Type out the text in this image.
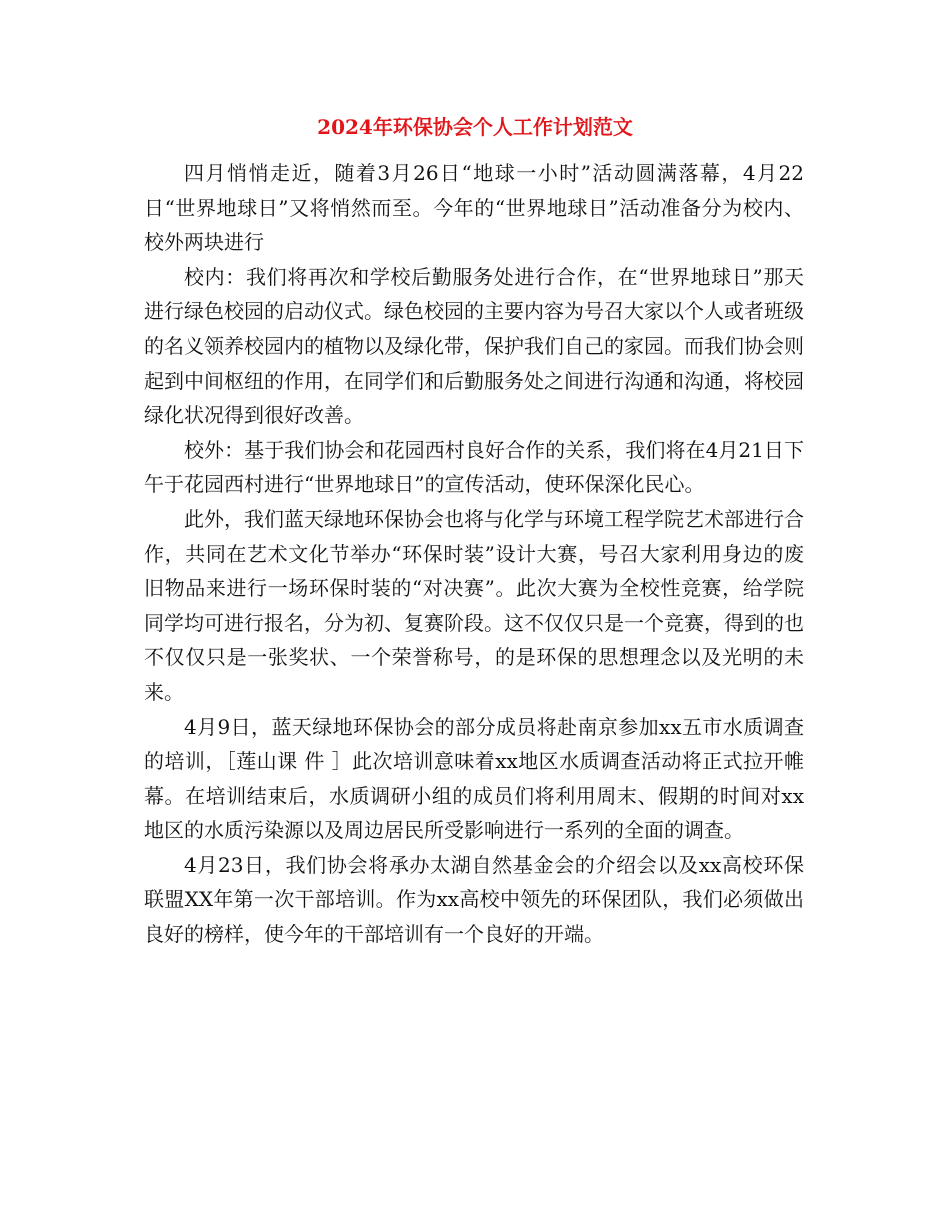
2024年环保协会个人工作计划范文

四月悄悄走近，随着3月26日“地球一小时”活动圆满落幕，4月22日“世界地球日”又将悄然而至。今年的“世界地球日”活动准备分为校内、校外两块进行

校内：我们将再次和学校后勤服务处进行合作，在“世界地球日”那天进行绿色校园的启动仪式。绿色校园的主要内容为号召大家以个人或者班级的名义领养校园内的植物以及绿化带，保护我们自己的家园。而我们协会则起到中间枢纽的作用，在同学们和后勤服务处之间进行沟通和沟通，将校园绿化状况得到很好改善。

校外：基于我们协会和花园西村良好合作的关系，我们将在4月21日下午于花园西村进行“世界地球日”的宣传活动，使环保深化民心。

此外，我们蓝天绿地环保协会也将与化学与环境工程学院艺术部进行合作，共同在艺术文化节举办“环保时装”设计大赛，号召大家利用身边的废旧物品来进行一场环保时装的“对决赛”。此次大赛为全校性竞赛，给学院同学均可进行报名，分为初、复赛阶段。这不仅仅只是一个竞赛，得到的也不仅仅只是一张奖状、一个荣誉称号，的是环保的思想理念以及光明的未来。

4月9日，蓝天绿地环保协会的部分成员将赴南京参加xx五市水质调查的培训，［莲山课 件 ］此次培训意味着xx地区水质调查活动将正式拉开帷幕。在培训结束后，水质调研小组的成员们将利用周末、假期的时间对xx地区的水质污染源以及周边居民所受影响进行一系列的全面的调查。

4月23日，我们协会将承办太湖自然基金会的介绍会以及xx高校环保联盟XX年第一次干部培训。作为xx高校中领先的环保团队，我们必须做出良好的榜样，使今年的干部培训有一个良好的开端。
